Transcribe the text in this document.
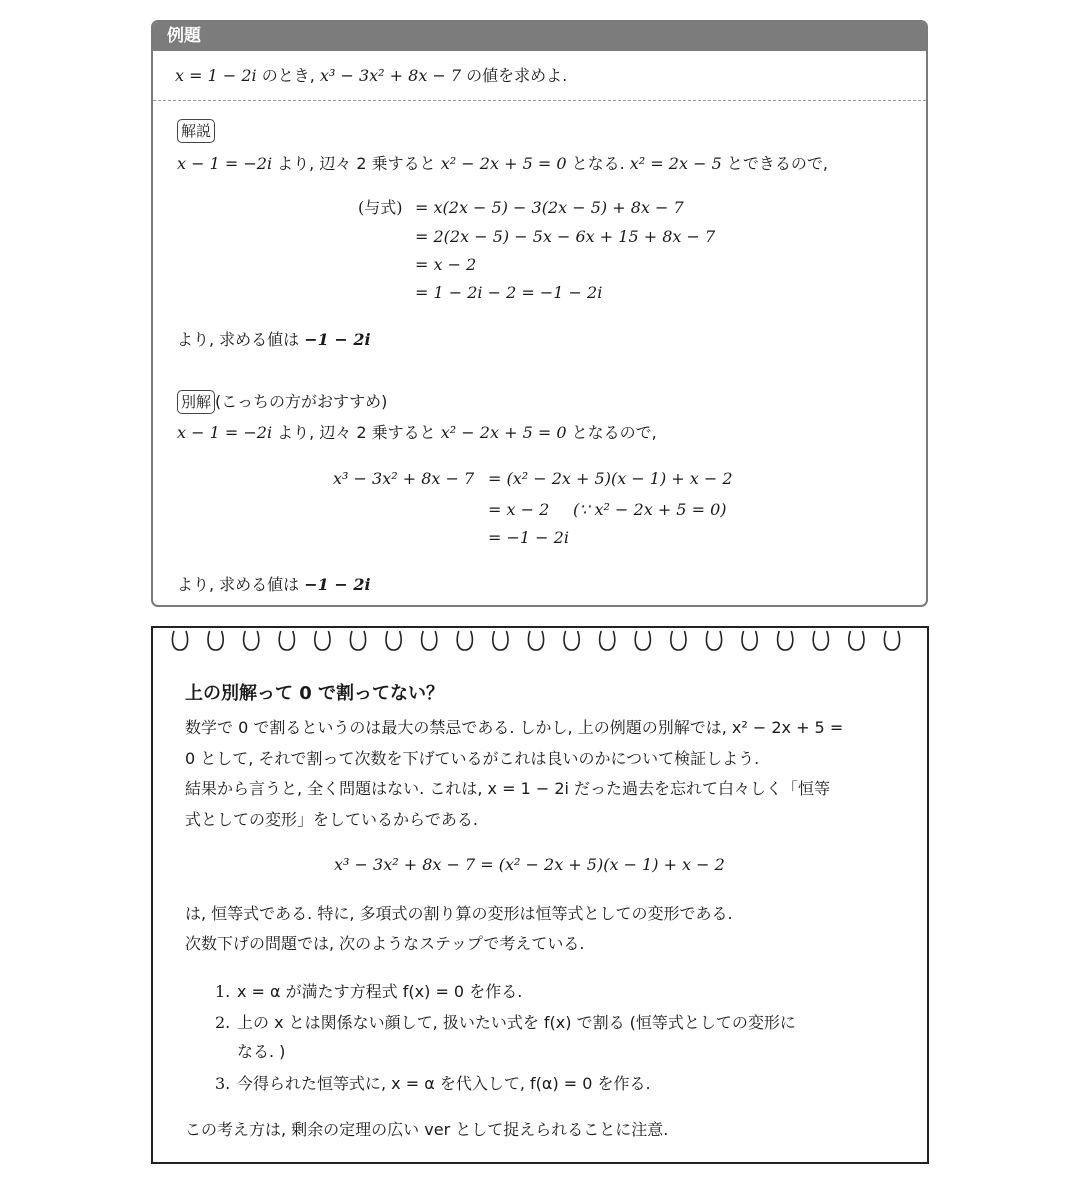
例題
x = 1 − 2i のとき, x³ − 3x² + 8x − 7 の値を求めよ.
解説
x − 1 = −2i より, 辺々 2 乗すると x² − 2x + 5 = 0 となる. x² = 2x − 5 とできるので,
(与式) = x(2x − 5) − 3(2x − 5) + 8x − 7
= 2(2x − 5) − 5x − 6x + 15 + 8x − 7
= x − 2
= 1 − 2i − 2 = −1 − 2i
より, 求める値は −1 − 2i
別解 (こっちの方がおすすめ)
x − 1 = −2i より, 辺々 2 乗すると x² − 2x + 5 = 0 となるので,
x³ − 3x² + 8x − 7 = (x² − 2x + 5)(x − 1) + x − 2
= x − 2 (∵ x² − 2x + 5 = 0)
= −1 − 2i
より, 求める値は −1 − 2i
上の別解って 0 で割ってない？
数学で 0 で割るというのは最大の禁忌である. しかし, 上の例題の別解では, x² − 2x + 5 =
0 として, それで割って次数を下げているがこれは良いのかについて検証しよう.
結果から言うと, 全く問題はない. これは, x = 1 − 2i だった過去を忘れて白々しく「恒等
式としての変形」をしているからである.
x³ − 3x² + 8x − 7 = (x² − 2x + 5)(x − 1) + x − 2
は, 恒等式である. 特に, 多項式の割り算の変形は恒等式としての変形である.
次数下げの問題では, 次のようなステップで考えている.
1. x = α が満たす方程式 f(x) = 0 を作る.
2. 上の x とは関係ない顔して, 扱いたい式を f(x) で割る (恒等式としての変形に
なる. )
3. 今得られた恒等式に, x = α を代入して, f(α) = 0 を作る.
この考え方は, 剰余の定理の広い ver として捉えられることに注意.
